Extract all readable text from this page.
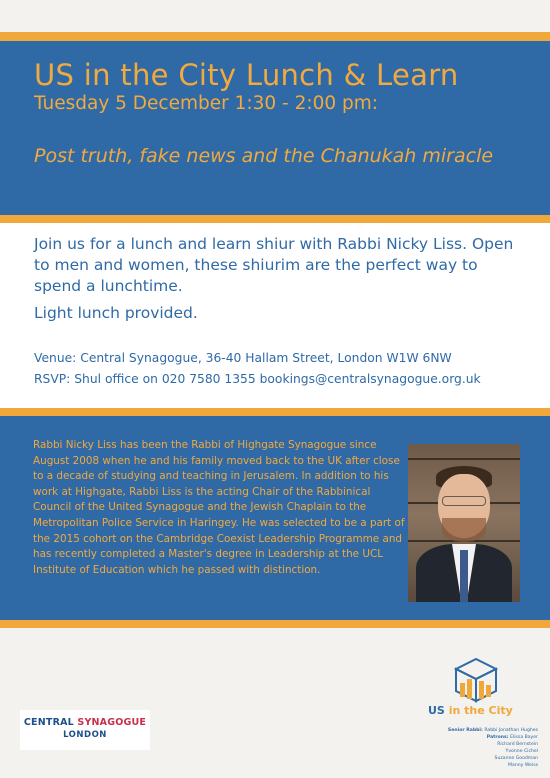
US in the City Lunch & Learn
Tuesday 5 December 1:30 - 2:00 pm:
Post truth, fake news and the Chanukah miracle

Join us for a lunch and learn shiur with Rabbi Nicky Liss. Open to men and women, these shiurim are the perfect way to spend a lunchtime.

Light lunch provided.

Venue: Central Synagogue, 36-40 Hallam Street, London W1W 6NW
RSVP: Shul office on 020 7580 1355 bookings@centralsynagogue.org.uk
Rabbi Nicky Liss has been the Rabbi of Highgate Synagogue since August 2008 when he and his family moved back to the UK after close to a decade of studying and teaching in Jerusalem. In addition to his work at Highgate, Rabbi Liss is the acting Chair of the Rabbinical Council of the United Synagogue and the Jewish Chaplain to the Metropolitan Police Service in Haringey. He was selected to be a part of the 2015 cohort on the Cambridge Coexist Leadership Programme and has recently completed a Master's degree in Leadership at the UCL Institute of Education which he passed with distinction.
CENTRAL SYNAGOGUE
LONDON
US in the City
Senior Rabbi: Rabbi Jonathan Hughes
Patrons: Elissa Bayer
Richard Bernstein
Yvonne Cichel
Suzanne Goodman
Manny Weiss
